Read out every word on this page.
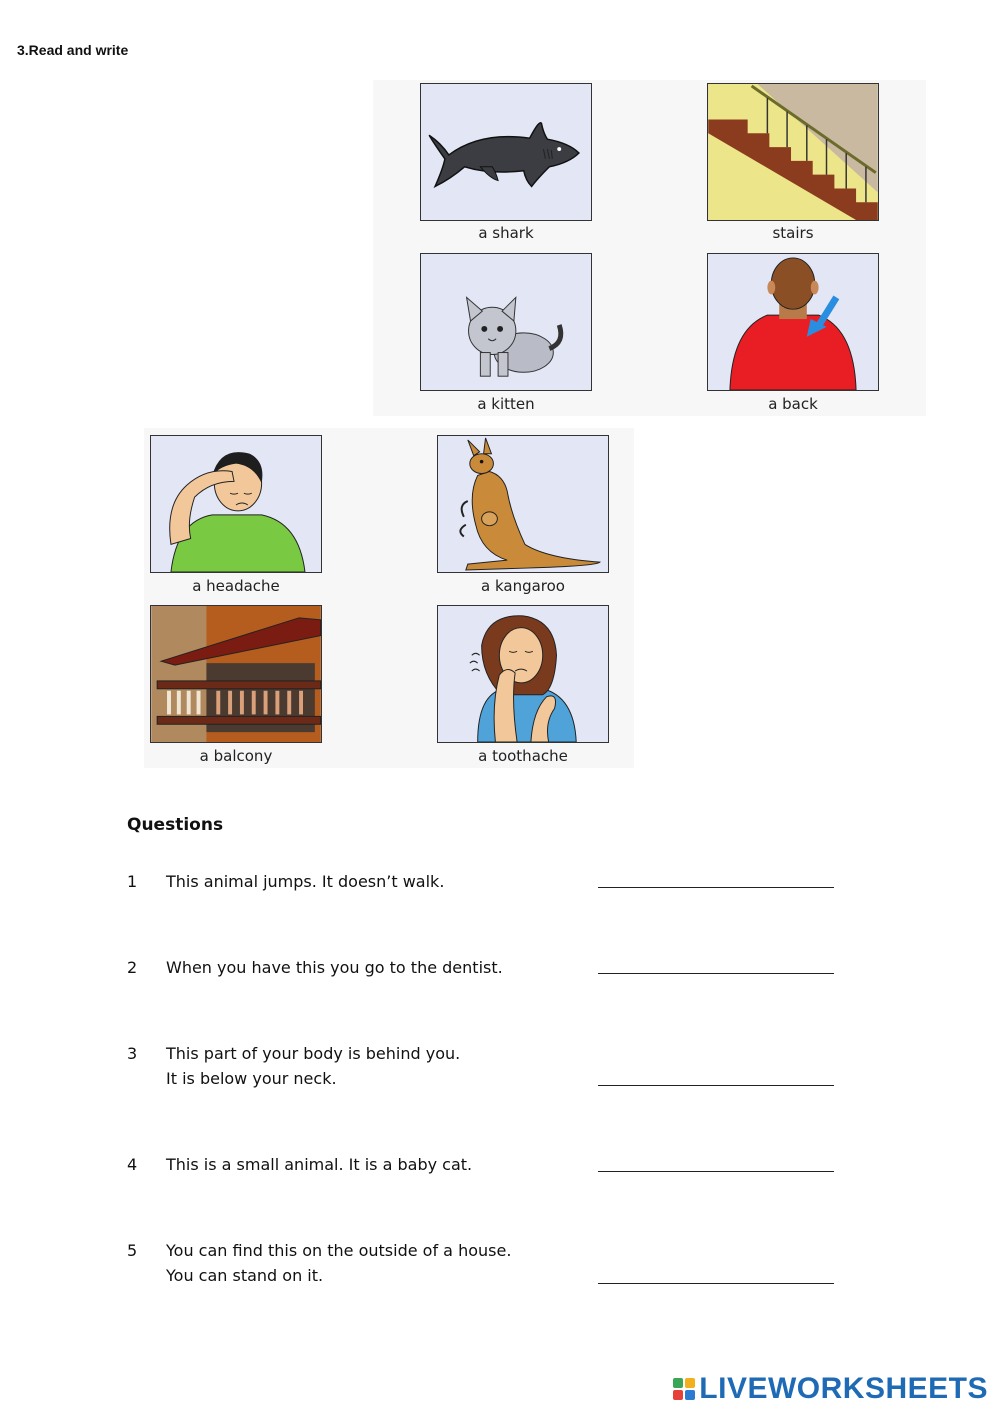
3.Read and write
a shark	stairs
a kitten	a back
a headache	a kangaroo
a balcony	a toothache
Questions
1 This animal jumps. It doesn’t walk.
2 When you have this you go to the dentist.
3 This part of your body is behind you.
It is below your neck.
4 This is a small animal. It is a baby cat.
5 You can find this on the outside of a house.
You can stand on it.
LIVEWORKSHEETS
